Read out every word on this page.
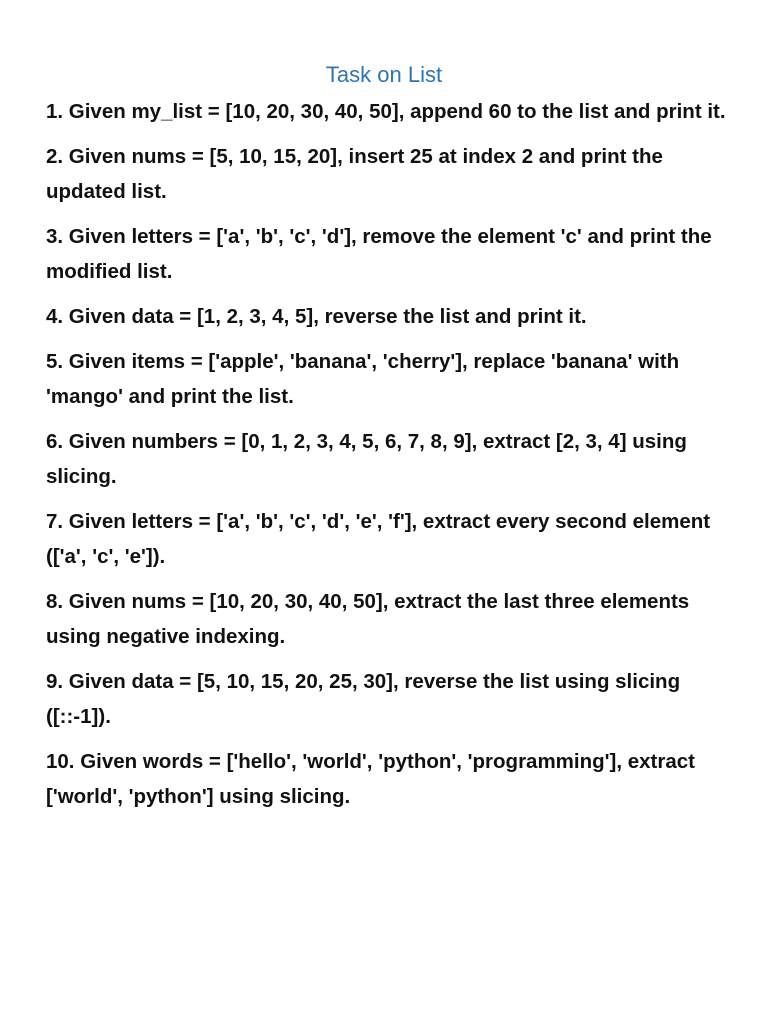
Task on List
1. Given my_list = [10, 20, 30, 40, 50], append 60 to the list and print it.
2. Given nums = [5, 10, 15, 20], insert 25 at index 2 and print the updated list.
3. Given letters = ['a', 'b', 'c', 'd'], remove the element 'c' and print the modified list.
4. Given data = [1, 2, 3, 4, 5], reverse the list and print it.
5. Given items = ['apple', 'banana', 'cherry'], replace 'banana' with 'mango' and print the list.
6. Given numbers = [0, 1, 2, 3, 4, 5, 6, 7, 8, 9], extract [2, 3, 4] using slicing.
7. Given letters = ['a', 'b', 'c', 'd', 'e', 'f'], extract every second element (['a', 'c', 'e']).
8. Given nums = [10, 20, 30, 40, 50], extract the last three elements using negative indexing.
9. Given data = [5, 10, 15, 20, 25, 30], reverse the list using slicing ([::-1]).
10. Given words = ['hello', 'world', 'python', 'programming'], extract ['world', 'python'] using slicing.
